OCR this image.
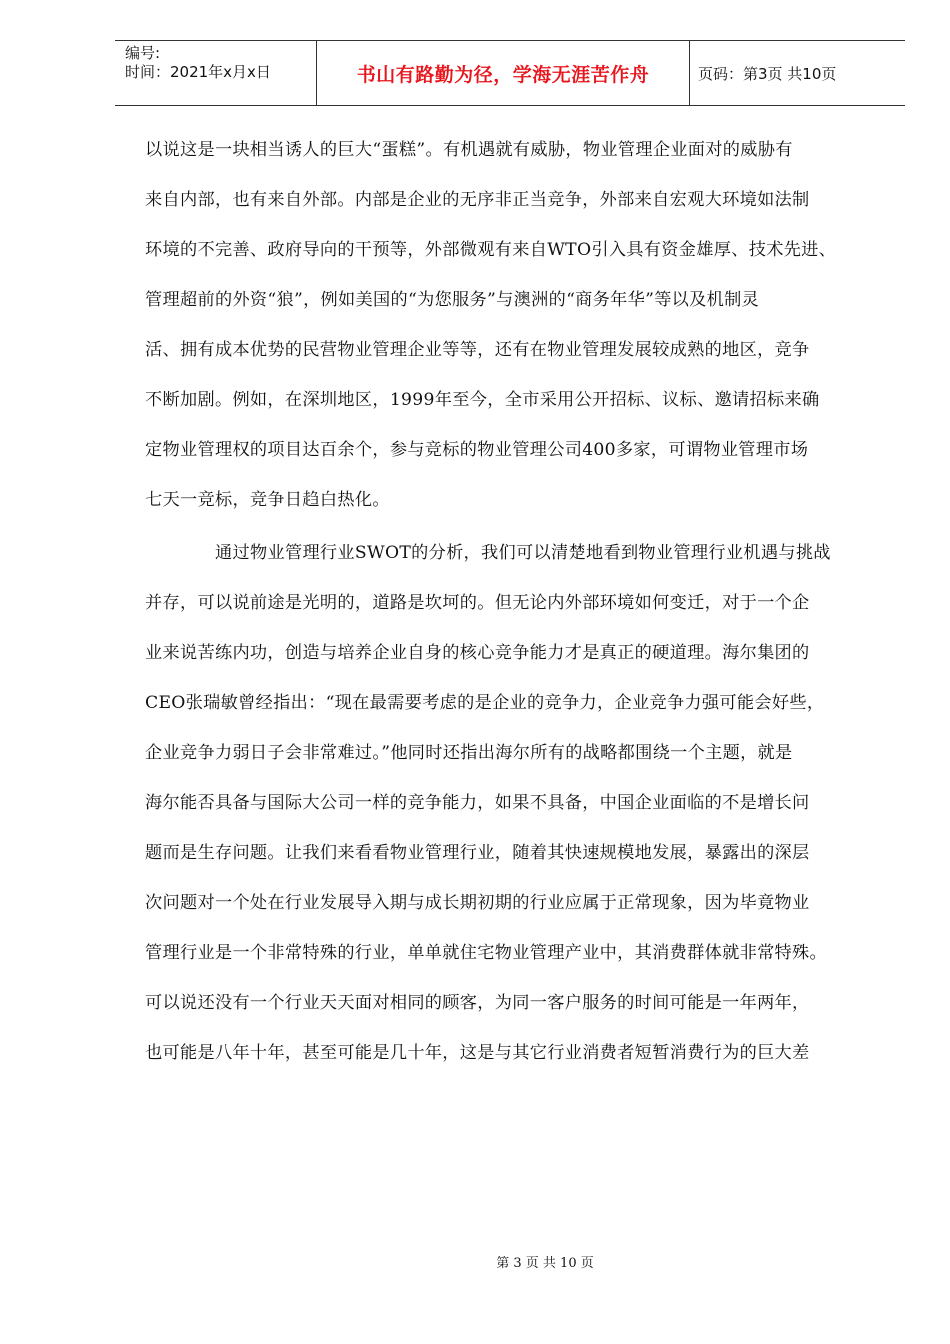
编号:
时间：2021年x月x日	书山有路勤为径，学海无涯苦作舟	页码：第3页 共10页
以说这是一块相当诱人的巨大“蛋糕”。有机遇就有威胁，物业管理企业面对的威胁有
来自内部，也有来自外部。内部是企业的无序非正当竞争，外部来自宏观大环境如法制
环境的不完善、政府导向的干预等，外部微观有来自WTO引入具有资金雄厚、技术先进、
管理超前的外资“狼”，例如美国的“为您服务”与澳洲的“商务年华”等以及机制灵
活、拥有成本优势的民营物业管理企业等等，还有在物业管理发展较成熟的地区，竞争
不断加剧。例如，在深圳地区，1999年至今，全市采用公开招标、议标、邀请招标来确
定物业管理权的项目达百余个，参与竞标的物业管理公司400多家，可谓物业管理市场
七天一竞标，竞争日趋白热化。
通过物业管理行业SWOT的分析，我们可以清楚地看到物业管理行业机遇与挑战
并存，可以说前途是光明的，道路是坎坷的。但无论内外部环境如何变迁，对于一个企
业来说苦练内功，创造与培养企业自身的核心竞争能力才是真正的硬道理。海尔集团的
CEO张瑞敏曾经指出：“现在最需要考虑的是企业的竞争力，企业竞争力强可能会好些，
企业竞争力弱日子会非常难过。”他同时还指出海尔所有的战略都围绕一个主题，就是
海尔能否具备与国际大公司一样的竞争能力，如果不具备，中国企业面临的不是增长问
题而是生存问题。让我们来看看物业管理行业，随着其快速规模地发展，暴露出的深层
次问题对一个处在行业发展导入期与成长期初期的行业应属于正常现象，因为毕竟物业
管理行业是一个非常特殊的行业，单单就住宅物业管理产业中，其消费群体就非常特殊。
可以说还没有一个行业天天面对相同的顾客，为同一客户服务的时间可能是一年两年，
也可能是八年十年，甚至可能是几十年，这是与其它行业消费者短暂消费行为的巨大差
第 3 页 共 10 页
